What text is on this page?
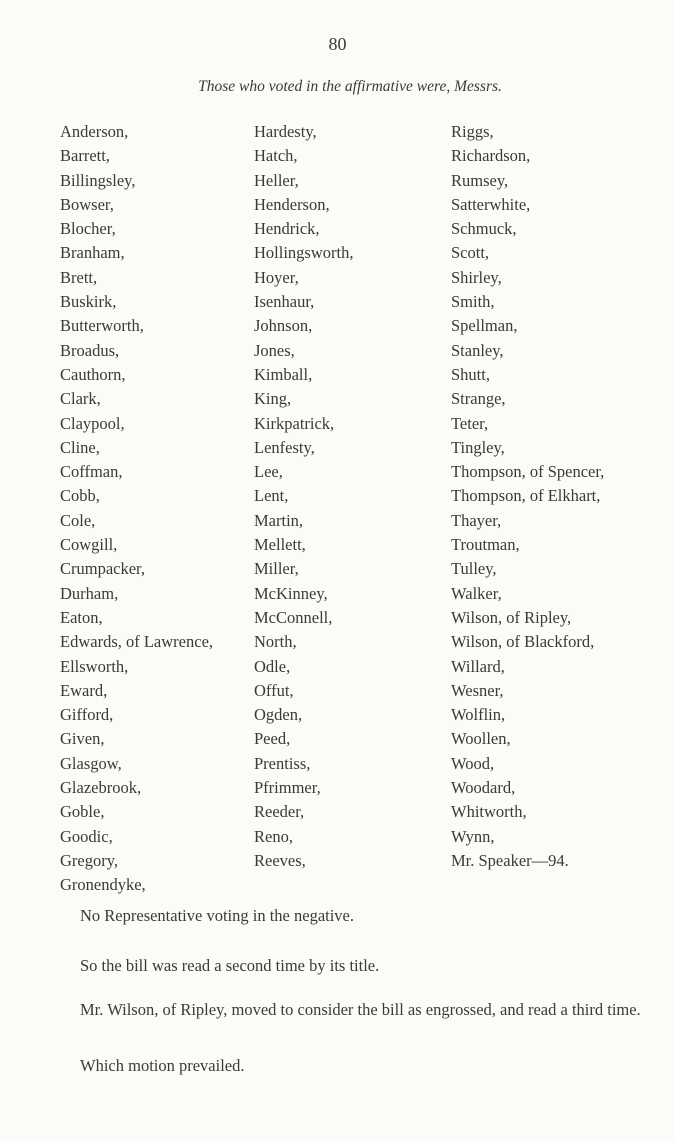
80
Those who voted in the affirmative were, Messrs.
Anderson,
Barrett,
Billingsley,
Bowser,
Blocher,
Branham,
Brett,
Buskirk,
Butterworth,
Broadus,
Cauthorn,
Clark,
Claypool,
Cline,
Coffman,
Cobb,
Cole,
Cowgill,
Crumpacker,
Durham,
Eaton,
Edwards, of Lawrence,
Ellsworth,
Eward,
Gifford,
Given,
Glasgow,
Glazebrook,
Goble,
Goodic,
Gregory,
Gronendyke,
Hardesty,
Hatch,
Heller,
Henderson,
Hendrick,
Hollingsworth,
Hoyer,
Isenhaur,
Johnson,
Jones,
Kimball,
King,
Kirkpatrick,
Lenfesty,
Lee,
Lent,
Martin,
Mellett,
Miller,
McKinney,
McConnell,
North,
Odle,
Offut,
Ogden,
Peed,
Prentiss,
Pfrimmer,
Reeder,
Reno,
Reeves,
Riggs,
Richardson,
Rumsey,
Satterwhite,
Schmuck,
Scott,
Shirley,
Smith,
Spellman,
Stanley,
Shutt,
Strange,
Teter,
Tingley,
Thompson, of Spencer,
Thompson, of Elkhart,
Thayer,
Troutman,
Tulley,
Walker,
Wilson, of Ripley,
Wilson, of Blackford,
Willard,
Wesner,
Wolflin,
Woollen,
Wood,
Woodard,
Whitworth,
Wynn,
Mr. Speaker—94.
No Representative voting in the negative.
So the bill was read a second time by its title.
Mr. Wilson, of Ripley, moved to consider the bill as engrossed, and read a third time.
Which motion prevailed.
